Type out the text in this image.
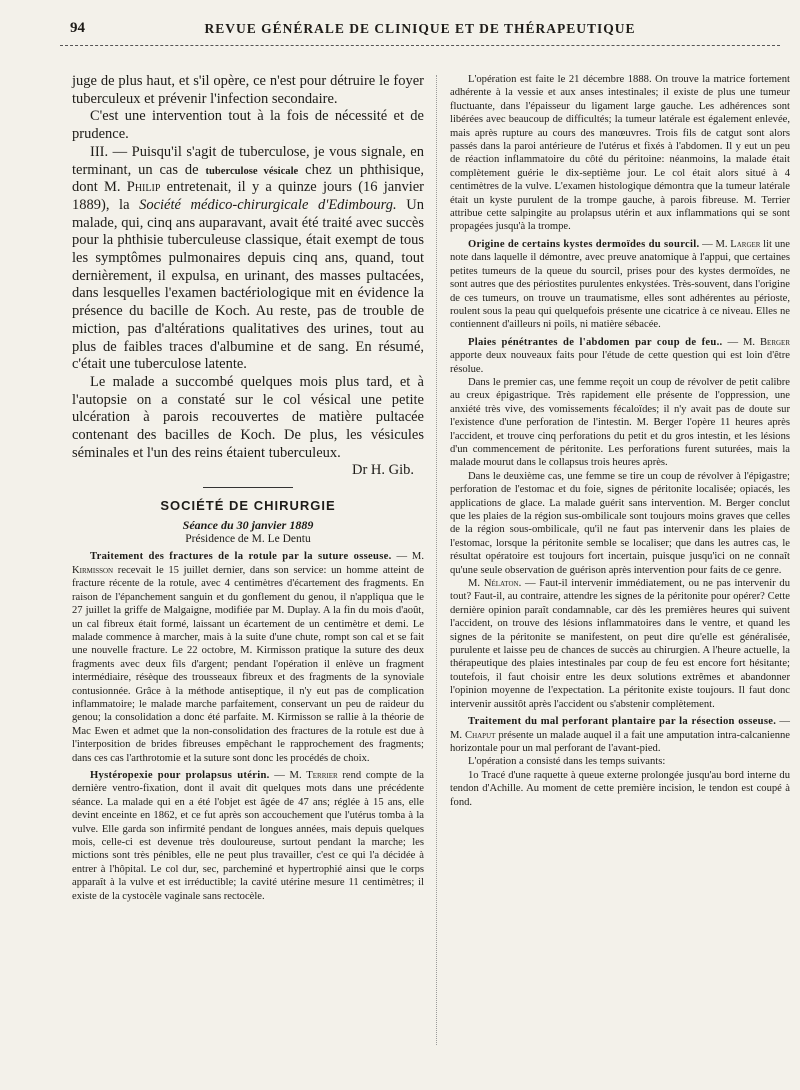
94	REVUE GÉNÉRALE DE CLINIQUE ET DE THÉRAPEUTIQUE

juge de plus haut, et s'il opère, ce n'est pour détruire le foyer tuberculeux et prévenir l'infection secondaire.

C'est une intervention tout à la fois de nécessité et de prudence.

III. — Puisqu'il s'agit de tuberculose, je vous signale, en terminant, un cas de tuberculose vésicale chez un phthisique, dont M. Philip entretenait, il y a quinze jours (16 janvier 1889), la Société médico-chirurgicale d'Edimbourg. Un malade, qui, cinq ans auparavant, avait été traité avec succès pour la phthisie tuberculeuse classique, était exempt de tous les symptômes pulmonaires depuis cinq ans, quand, tout dernièrement, il expulsa, en urinant, des masses pultacées, dans lesquelles l'examen bactériologique mit en évidence la présence du bacille de Koch. Au reste, pas de trouble de miction, pas d'altérations qualitatives des urines, tout au plus de faibles traces d'albumine et de sang. En résumé, c'était une tuberculose latente.

Le malade a succombé quelques mois plus tard, et à l'autopsie on a constaté sur le col vésical une petite ulcération à parois recouvertes de matière pultacée contenant des bacilles de Koch. De plus, les vésicules séminales et l'un des reins étaient tuberculeux.

Dr H. Gib.

SOCIÉTÉ DE CHIRURGIE
Séance du 30 janvier 1889
Présidence de M. Le Dentu

Traitement des fractures de la rotule par la suture osseuse. — M. Kirmisson recevait le 15 juillet dernier, dans son service: un homme atteint de fracture récente de la rotule, avec 4 centimètres d'écartement des fragments. En raison de l'épanchement sanguin et du gonflement du genou, il n'appliqua que le 27 juillet la griffe de Malgaigne, modifiée par M. Duplay. A la fin du mois d'août, un cal fibreux était formé, laissant un écartement de un centimètre et demi. Le malade commence à marcher, mais à la suite d'une chute, rompt son cal et se fait une nouvelle fracture. Le 22 octobre, M. Kirmisson pratique la suture des deux fragments avec deux fils d'argent; pendant l'opération il enlève un fragment intermédiaire, résèque des trousseaux fibreux et des fragments de la synoviale contusionnée. Grâce à la méthode antiseptique, il n'y eut pas de complication inflammatoire; le malade marche parfaitement, conservant un peu de raideur du genou; la consolidation a donc été parfaite. M. Kirmisson se rallie à la théorie de Mac Ewen et admet que la non-consolidation des fractures de la rotule est due à l'interposition de brides fibreuses empêchant le rapprochement des fragments; dans ces cas l'arthrotomie et la suture sont donc les procédés de choix.

Hystéropexie pour prolapsus utérin. — M. Terrier rend compte de la dernière ventro-fixation, dont il avait dit quelques mots dans une précédente séance. La malade qui en a été l'objet est âgée de 47 ans; réglée à 15 ans, elle devint enceinte en 1862, et ce fut après son accouchement que l'utérus tomba à la vulve. Elle garda son infirmité pendant de longues années, mais depuis quelques mois, celle-ci est devenue très douloureuse, surtout pendant la marche; les mictions sont très pénibles, elle ne peut plus travailler, c'est ce qui l'a décidée à entrer à l'hôpital. Le col dur, sec, parcheminé et hypertrophié ainsi que le corps apparaît à la vulve et est irréductible; la cavité utérine mesure 11 centimètres; il existe de la cystocèle vaginale sans rectocèle.

L'opération est faite le 21 décembre 1888. On trouve la matrice fortement adhérente à la vessie et aux anses intestinales; il existe de plus une tumeur fluctuante, dans l'épaisseur du ligament large gauche. Les adhérences sont libérées avec beaucoup de difficultés; la tumeur latérale est également enlevée, mais après rupture au cours des manœuvres. Trois fils de catgut sont alors passés dans la paroi antérieure de l'utérus et fixés à l'abdomen. Il y eut un peu de réaction inflammatoire du côté du péritoine: néanmoins, la malade était complètement guérie le dix-septième jour. Le col était alors situé à 4 centimètres de la vulve. L'examen histologique démontra que la tumeur latérale était un kyste purulent de la trompe gauche, à parois fibreuse. M. Terrier attribue cette salpingite au prolapsus utérin et aux inflammations qui se sont propagées jusqu'à la trompe.

Origine de certains kystes dermoïdes du sourcil. — M. Larger lit une note dans laquelle il démontre, avec preuve anatomique à l'appui, que certaines petites tumeurs de la queue du sourcil, prises pour des kystes dermoïdes, ne sont autres que des périostites purulentes enkystées. Très-souvent, dans l'origine de ces tumeurs, on trouve un traumatisme, elles sont adhérentes au périoste, roulent sous la peau qui quelquefois présente une cicatrice à ce niveau. Elles ne contiennent d'ailleurs ni poils, ni matière sébacée.

Plaies pénétrantes de l'abdomen par coup de feu.. — M. Berger apporte deux nouveaux faits pour l'étude de cette question qui est loin d'être résolue.

Dans le premier cas, une femme reçoit un coup de révolver de petit calibre au creux épigastrique. Très rapidement elle présente de l'oppression, une anxiété très vive, des vomissements fécaloïdes; il n'y avait pas de doute sur l'existence d'une perforation de l'intestin. M. Berger l'opère 11 heures après l'accident, et trouve cinq perforations du petit et du gros intestin, et les lésions d'un commencement de péritonite. Les perforations furent suturées, mais la malade mourut dans le collapsus trois heures après.

Dans le deuxième cas, une femme se tire un coup de révolver à l'épigastre; perforation de l'estomac et du foie, signes de péritonite localisée; opiacés, les applications de glace. La malade guérit sans intervention. M. Berger conclut que les plaies de la région sus-ombilicale sont toujours moins graves que celles de la région sous-ombilicale, qu'il ne faut pas intervenir dans les plaies de l'estomac, lorsque la péritonite semble se localiser; que dans les autres cas, le résultat opératoire est toujours fort incertain, puisque jusqu'ici on ne connaît qu'une seule observation de guérison après intervention pour faits de ce genre.

M. Nélaton. — Faut-il intervenir immédiatement, ou ne pas intervenir du tout? Faut-il, au contraire, attendre les signes de la péritonite pour opérer? Cette dernière opinion paraît condamnable, car dès les premières heures qui suivent l'accident, on trouve des lésions inflammatoires dans le ventre, et quand les signes de la péritonite se manifestent, on peut dire qu'elle est généralisée, purulente et laisse peu de chances de succès au chirurgien. A l'heure actuelle, la thérapeutique des plaies intestinales par coup de feu est encore fort hésitante; toutefois, il faut choisir entre les deux solutions extrêmes et abandonner l'opinion moyenne de l'expectation. La péritonite existe toujours. Il faut donc intervenir aussitôt après l'accident ou s'abstenir complètement.

Traitement du mal perforant plantaire par la résection osseuse. — M. Chaput présente un malade auquel il a fait une amputation intra-calcanienne horizontale pour un mal perforant de l'avant-pied.

L'opération a consisté dans les temps suivants:

1o Tracé d'une raquette à queue externe prolongée jusqu'au bord interne du tendon d'Achille. Au moment de cette première incision, le tendon est coupé à fond.
